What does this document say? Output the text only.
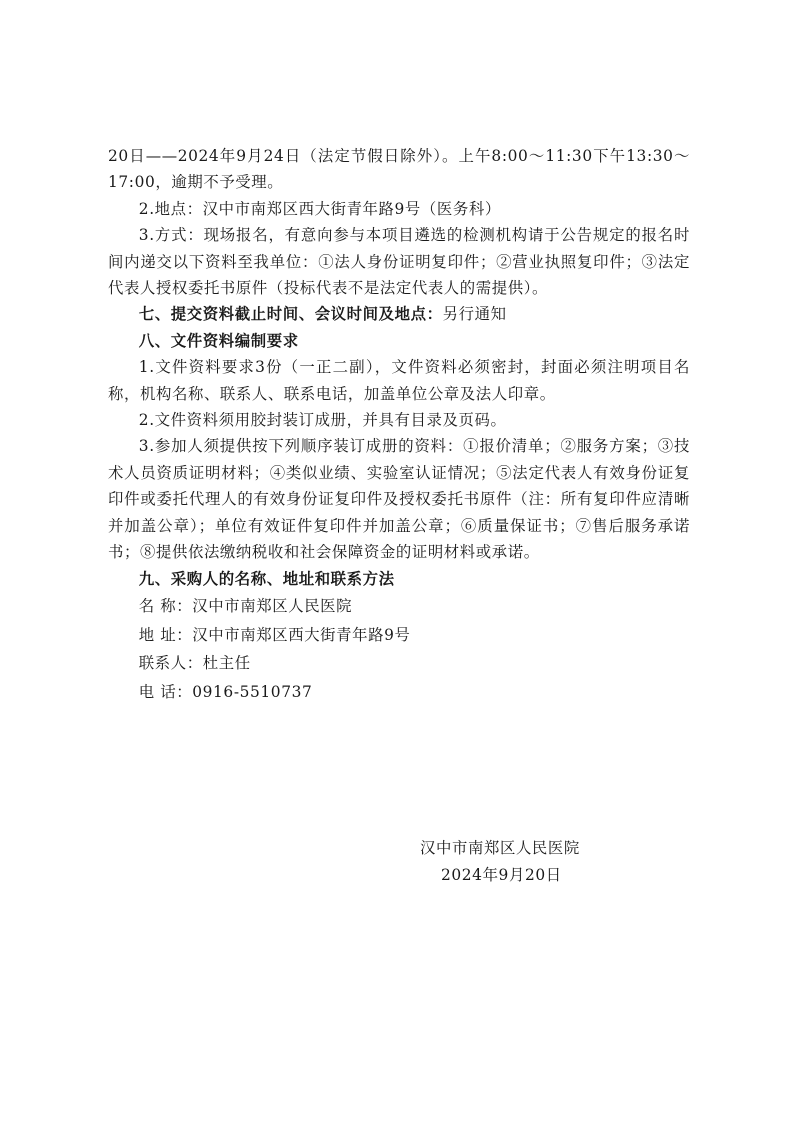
20日——2024年9月24日（法定节假日除外）。上午8:00～11:30下午13:30～17:00，逾期不予受理。

2.地点：汉中市南郑区西大街青年路9号（医务科）

3.方式：现场报名，有意向参与本项目遴选的检测机构请于公告规定的报名时间内递交以下资料至我单位：①法人身份证明复印件；②营业执照复印件；③法定代表人授权委托书原件（投标代表不是法定代表人的需提供）。

七、提交资料截止时间、会议时间及地点：另行通知

八、文件资料编制要求

1.文件资料要求3份（一正二副），文件资料必须密封，封面必须注明项目名称，机构名称、联系人、联系电话，加盖单位公章及法人印章。

2.文件资料须用胶封装订成册，并具有目录及页码。

3.参加人须提供按下列顺序装订成册的资料：①报价清单；②服务方案；③技术人员资质证明材料；④类似业绩、实验室认证情况；⑤法定代表人有效身份证复印件或委托代理人的有效身份证复印件及授权委托书原件（注：所有复印件应清晰并加盖公章）；单位有效证件复印件并加盖公章；⑥质量保证书；⑦售后服务承诺书；⑧提供依法缴纳税收和社会保障资金的证明材料或承诺。

九、采购人的名称、地址和联系方法

名 称：汉中市南郑区人民医院

地 址：汉中市南郑区西大街青年路9号

联系人：杜主任

电 话：0916-5510737

汉中市南郑区人民医院
2024年9月20日
